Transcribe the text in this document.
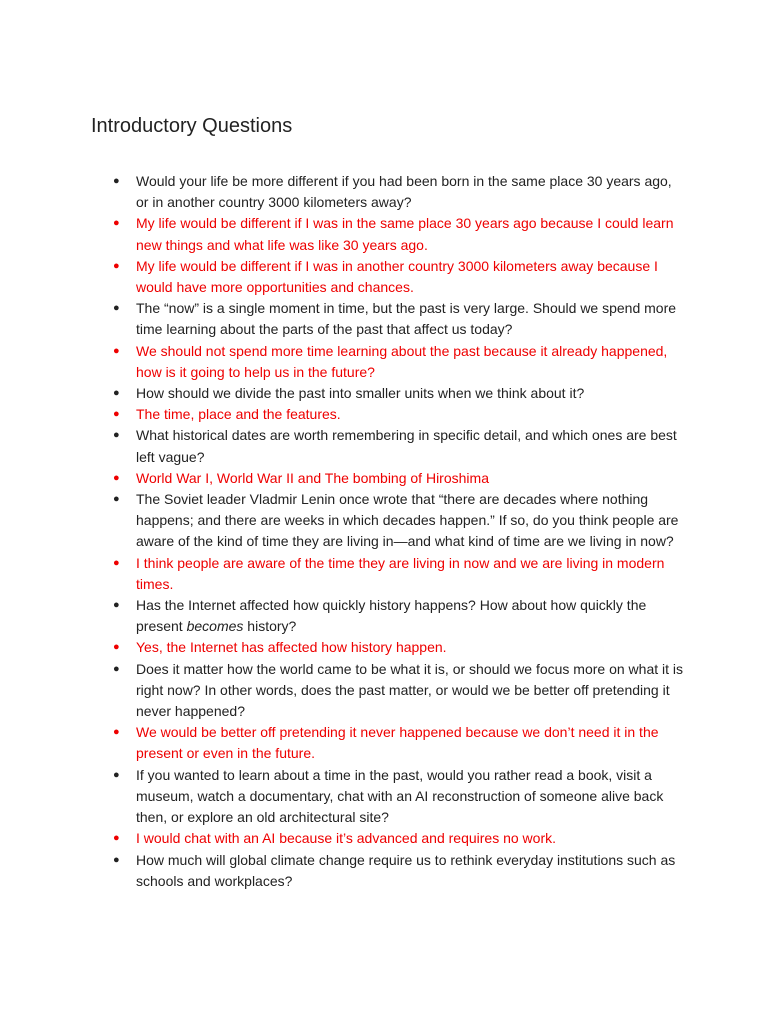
Introductory Questions
● Would your life be more different if you had been born in the same place 30 years ago, or in another country 3000 kilometers away?
● My life would be different if I was in the same place 30 years ago because I could learn new things and what life was like 30 years ago.
● My life would be different if I was in another country 3000 kilometers away because I would have more opportunities and chances.
● The “now” is a single moment in time, but the past is very large. Should we spend more time learning about the parts of the past that affect us today?
● We should not spend more time learning about the past because it already happened, how is it going to help us in the future?
● How should we divide the past into smaller units when we think about it?
● The time, place and the features.
● What historical dates are worth remembering in specific detail, and which ones are best left vague?
● World War I, World War II and The bombing of Hiroshima
● The Soviet leader Vladmir Lenin once wrote that “there are decades where nothing happens; and there are weeks in which decades happen.” If so, do you think people are aware of the kind of time they are living in—and what kind of time are we living in now?
● I think people are aware of the time they are living in now and we are living in modern times.
● Has the Internet affected how quickly history happens? How about how quickly the present becomes history?
● Yes, the Internet has affected how history happen.
● Does it matter how the world came to be what it is, or should we focus more on what it is right now? In other words, does the past matter, or would we be better off pretending it never happened?
● We would be better off pretending it never happened because we don’t need it in the present or even in the future.
● If you wanted to learn about a time in the past, would you rather read a book, visit a museum, watch a documentary, chat with an AI reconstruction of someone alive back then, or explore an old architectural site?
● I would chat with an AI because it’s advanced and requires no work.
● How much will global climate change require us to rethink everyday institutions such as schools and workplaces?
